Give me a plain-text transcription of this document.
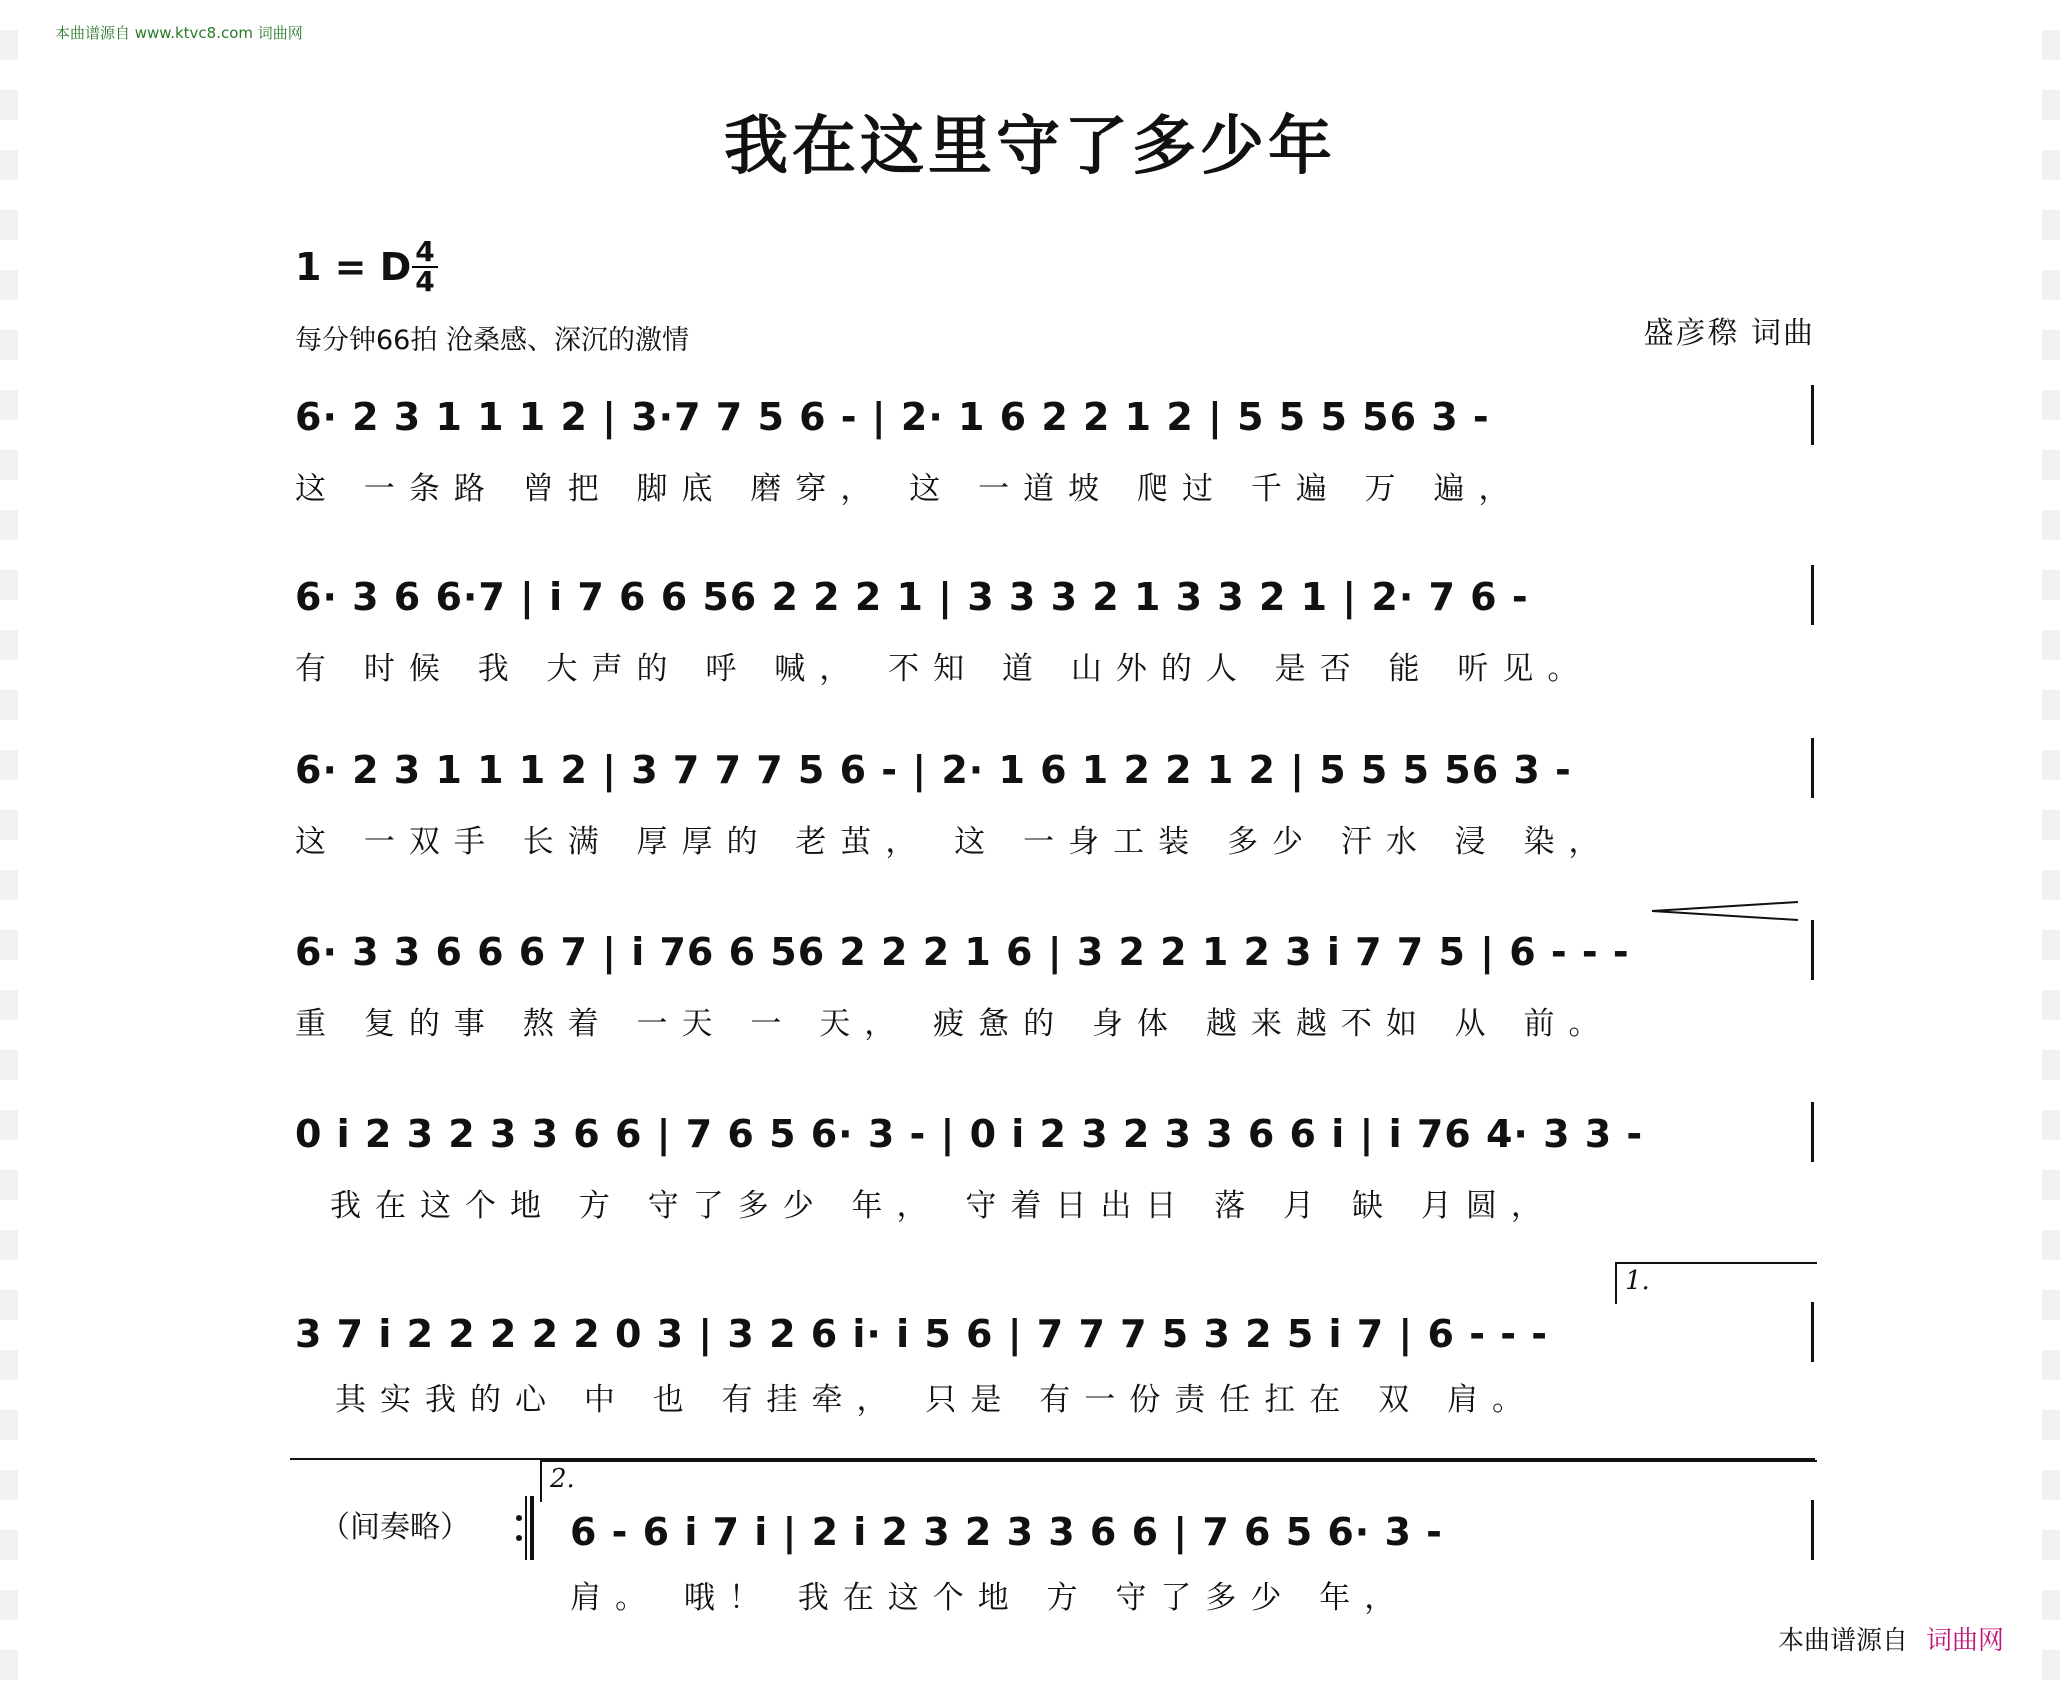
本曲谱源自 www.ktvc8.com 词曲网
我在这里守了多少年
1 = D 4
4
每分钟66拍 沧桑感、深沉的激情	盛彦穄 词曲
6· 2 3 1 1 1 2 | 3·7 7 5 6 - | 2· 1 6 2 2 1 2 | 5 5 5 56 3 -
这 一条路 曾把 脚底 磨穿， 这 一道坡 爬过 千遍 万 遍，
6· 3 6 6·7 | i 7 6 6 56 2 2 2 1 | 3 3 3 2 1 3 3 2 1 | 2· 7 6 -
有 时候 我 大声的 呼 喊， 不知 道 山外的人 是否 能 听见。
6· 2 3 1 1 1 2 | 3 7 7 7 5 6 - | 2· 1 6 1 2 2 1 2 | 5 5 5 56 3 -
这 一双手 长满 厚厚的 老茧， 这 一身工装 多少 汗水 浸 染，
6· 3 3 6 6 6 7 | i 76 6 56 2 2 2 1 6 | 3 2 2 1 2 3 i 7 7 5 | 6 - - -
重 复的事 熬着 一天 一 天， 疲惫的 身体 越来越不如 从 前。
0 i 2 3 2 3 3 6 6 | 7 6 5 6· 3 - | 0 i 2 3 2 3 3 6 6 i | i 76 4· 3 3 -
我在这个地 方 守了多少 年， 守着日出日 落 月 缺 月圆，
1.
3 7 i 2 2 2 2 2 0 3 | 3 2 6 i· i 5 6 | 7 7 7 5 3 2 5 i 7 | 6 - - -
其实我的心 中 也 有挂牵， 只是 有一份责任扛在 双 肩。
（间奏略）
2.
6 - 6 i 7 i | 2 i 2 3 2 3 3 6 6 | 7 6 5 6· 3 -
肩。 哦！ 我在这个地 方 守了多少 年，
本曲谱源自 词曲网
